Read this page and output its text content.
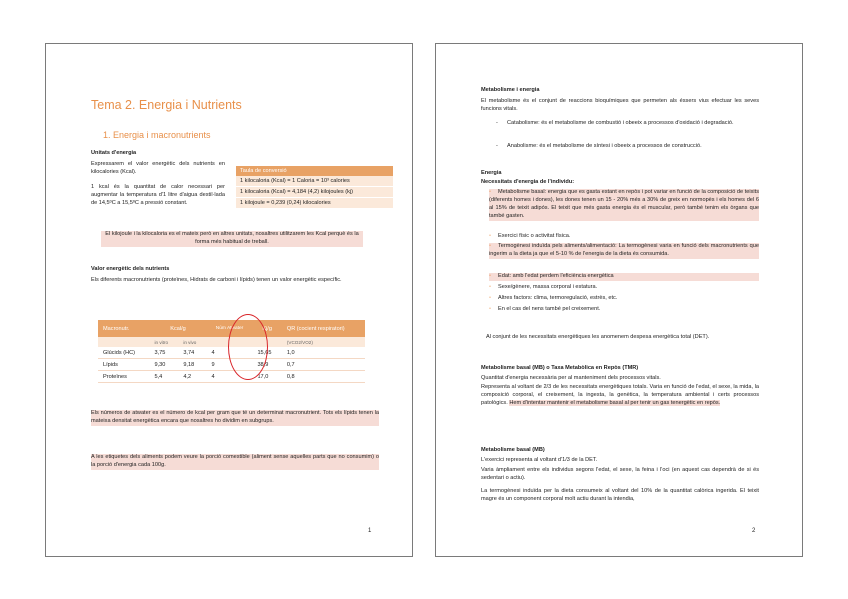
Tema 2. Energia i Nutrients
1. Energia i macronutrients
Unitats d'energia
Expressarem el valor energètic dels nutrients en kilocalories (Kcal).
1 kcal és la quantitat de calor necessari per augmentar la temperatura d'1 litre d'aigua destil·lada de 14,5ºC a 15,5ºC a pressió constant.
Taula de conversió
1 kilocaloria (Kcal) = 1 Caloria = 10³ calories
1 kilocaloria (Kcal) = 4,184 (4,2) kilojoules (kj)
1 kilojoule = 0,239 (0,24) kilocalories
El kilojoule i la kilocaloria es el mateix però en altres unitats, nosaltres utilitzarem les Kcal perquè és la forma més habitual de treball.
Valor energètic dels nutrients
Els diferents macronutrients (proteïnes, Hidrats de carboni i lípids) tenen un valor energètic específic.
Macronutr.	Kcal/g		Núm Atwater	Kj/g	QR (cocient respiratori)
	in vitro	in vivo			(VCO2/VO2)
Glúcids (HC)	3,75	3,74	4	15,65	1,0
Lípids	9,30	9,18	9	38,9	0,7
Proteïnes	5,4	4,2	4	17,0	0,8
Els números de atwater es el número de kcal per gram que té un determinat macronutrient. Tots els lípids tenen la mateixa densitat energètica encara que nosaltres ho dividim en subgrups.
A les etiquetes dels aliments podem veure la porció comestible (aliment sense aquelles parts que no consumim) o la porció d'energia cada 100g.
1
Metabolisme i energia
El metabolisme és el conjunt de reaccions bioquímiques que permeten als éssers vius efectuar les seves funcions vitals.
- Catabolisme: és el metabolisme de combustió i obeeix a processos d'oxidació i degradació.
- Anabolisme: és el metabolisme de síntesi i obeeix a processos de construcció.
Energia
Necessitats d'energia de l'individu:
▫ Metabolisme basal: energia que es gasta estant en repòs i pot variar en funció de la composició de teixits (diferents homes i dones), les dones tenen un 15 - 20% més a 30% de greix en normopès i els homes del 6 al 15% de teixit adipós. El teixit que més gasta energia és el muscular, però també tenim els òrgans que també gasten.
▫ Exercici físic o activitat física.
▫ Termogènesi induïda pels aliments/alimentació: La termogènesi varia en funció dels macronutrients que ingerim a la dieta ja que el 5-10 % de l'energia de la dieta és consumida.
▫ Edat: amb l'edat perdem l'eficiència energètica
▫ Sexe/gènere, massa corporal i estatura.
▫ Altres factors: clima, termoregulació, estrès, etc.
▫ En el cas del nens també pel creixement.
Al conjunt de les necessitats energètiques les anomenem despesa energètica total (DET).
Metabolisme basal (MB) o Taxa Metabòlica en Repòs (TMR)
Quantitat d'energia necessària per al manteniment dels processos vitals.
Representa al voltant de 2/3 de les necessitats energètiques totals. Varia en funció de l'edat, el sexe, la mida, la composició corporal, el creixement, la ingesta, la genètica, la temperatura ambiental i certs processos patològics. Hem d'intentar mantenir el metabolisme basal al per tenir un gas tenergètic en repòs.
Metabolisme basal (MB)
L'exercici representa al voltant d'1/3 de la DET.
Varia àmpliament entre els individus segons l'edat, el sexe, la feina i l'oci (en aquest cas dependrà de si és sedentari o actiu).
La termogènesi induïda per la dieta consumeix al voltant del 10% de la quantitat calòrica ingerida. El teixit magre és un component corporal molt actiu durant la intendia,
2
